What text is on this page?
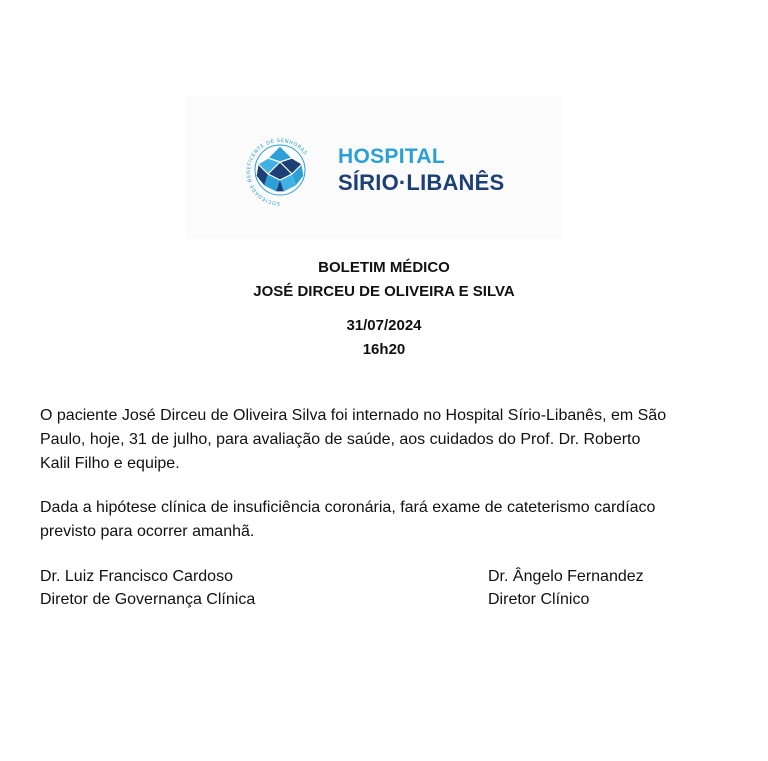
SOCIEDADE BENEFICENTE DE SENHORAS HOSPITAL
SÍRIO·LIBANÊS
BOLETIM MÉDICO
JOSÉ DIRCEU DE OLIVEIRA E SILVA
31/07/2024
16h20
O paciente José Dirceu de Oliveira Silva foi internado no Hospital Sírio-Libanês, em São
Paulo, hoje, 31 de julho, para avaliação de saúde, aos cuidados do Prof. Dr. Roberto
Kalil Filho e equipe.
Dada a hipótese clínica de insuficiência coronária, fará exame de cateterismo cardíaco
previsto para ocorrer amanhã.
Dr. Luiz Francisco Cardoso
Diretor de Governança Clínica
Dr. Ângelo Fernandez
Diretor Clínico
